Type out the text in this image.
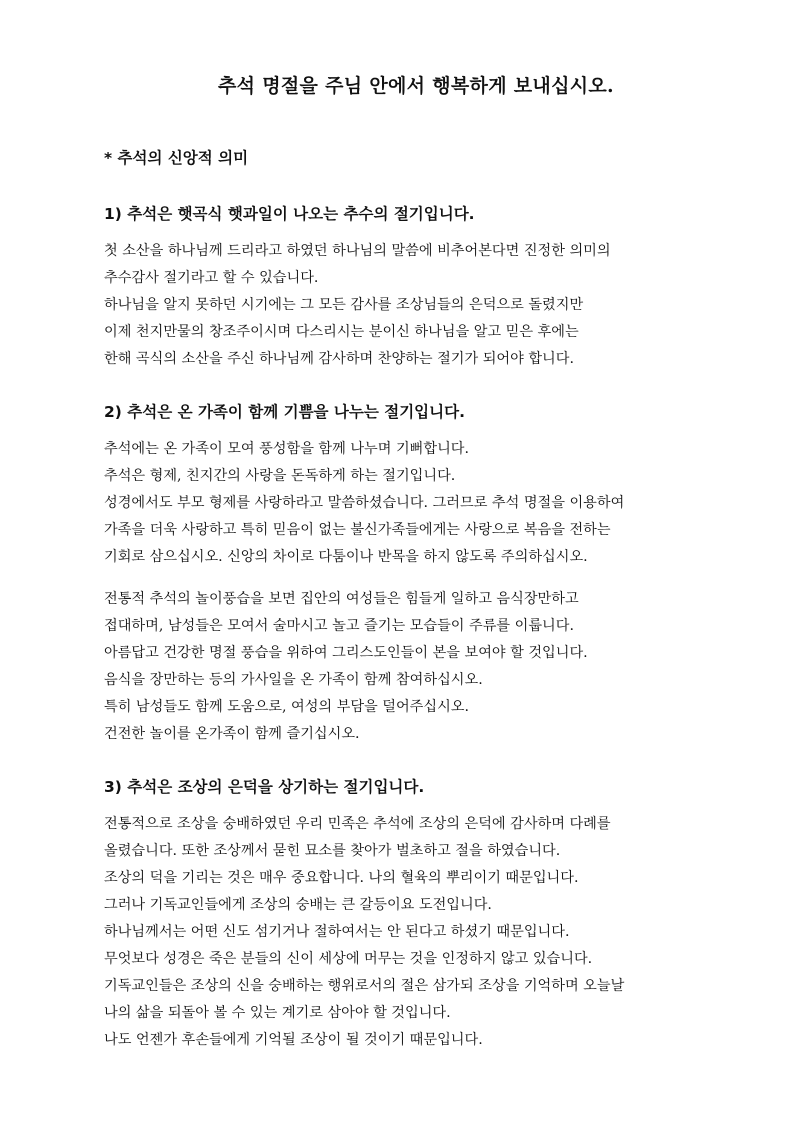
추석 명절을 주님 안에서 행복하게 보내십시오.
* 추석의 신앙적 의미
1) 추석은 햇곡식 햇과일이 나오는 추수의 절기입니다.

첫 소산을 하나님께 드리라고 하였던 하나님의 말씀에 비추어본다면 진정한 의미의
추수감사 절기라고 할 수 있습니다.
하나님을 알지 못하던 시기에는 그 모든 감사를 조상님들의 은덕으로 돌렸지만
이제 천지만물의 창조주이시며 다스리시는 분이신 하나님을 알고 믿은 후에는
한해 곡식의 소산을 주신 하나님께 감사하며 찬양하는 절기가 되어야 합니다.

2) 추석은 온 가족이 함께 기쁨을 나누는 절기입니다.

추석에는 온 가족이 모여 풍성함을 함께 나누며 기뻐합니다.
추석은 형제, 친지간의 사랑을 돈독하게 하는 절기입니다.
성경에서도 부모 형제를 사랑하라고 말씀하셨습니다. 그러므로 추석 명절을 이용하여
가족을 더욱 사랑하고 특히 믿음이 없는 불신가족들에게는 사랑으로 복음을 전하는
기회로 삼으십시오. 신앙의 차이로 다툼이나 반목을 하지 않도록 주의하십시오.

전통적 추석의 놀이풍습을 보면 집안의 여성들은 힘들게 일하고 음식장만하고
접대하며, 남성들은 모여서 술마시고 놀고 즐기는 모습들이 주류를 이룹니다.
아름답고 건강한 명절 풍습을 위하여 그리스도인들이 본을 보여야 할 것입니다.
음식을 장만하는 등의 가사일을 온 가족이 함께 참여하십시오.
특히 남성들도 함께 도움으로, 여성의 부담을 덜어주십시오.
건전한 놀이를 온가족이 함께 즐기십시오.

3) 추석은 조상의 은덕을 상기하는 절기입니다.

전통적으로 조상을 숭배하였던 우리 민족은 추석에 조상의 은덕에 감사하며 다례를
올렸습니다. 또한 조상께서 묻힌 묘소를 찾아가 벌초하고 절을 하였습니다.
조상의 덕을 기리는 것은 매우 중요합니다. 나의 혈육의 뿌리이기 때문입니다.
그러나 기독교인들에게 조상의 숭배는 큰 갈등이요 도전입니다.
하나님께서는 어떤 신도 섬기거나 절하여서는 안 된다고 하셨기 때문입니다.
무엇보다 성경은 죽은 분들의 신이 세상에 머무는 것을 인정하지 않고 있습니다.
기독교인들은 조상의 신을 숭배하는 행위로서의 절은 삼가되 조상을 기억하며 오늘날
나의 삶을 되돌아 볼 수 있는 계기로 삼아야 할 것입니다.
나도 언젠가 후손들에게 기억될 조상이 될 것이기 때문입니다.
